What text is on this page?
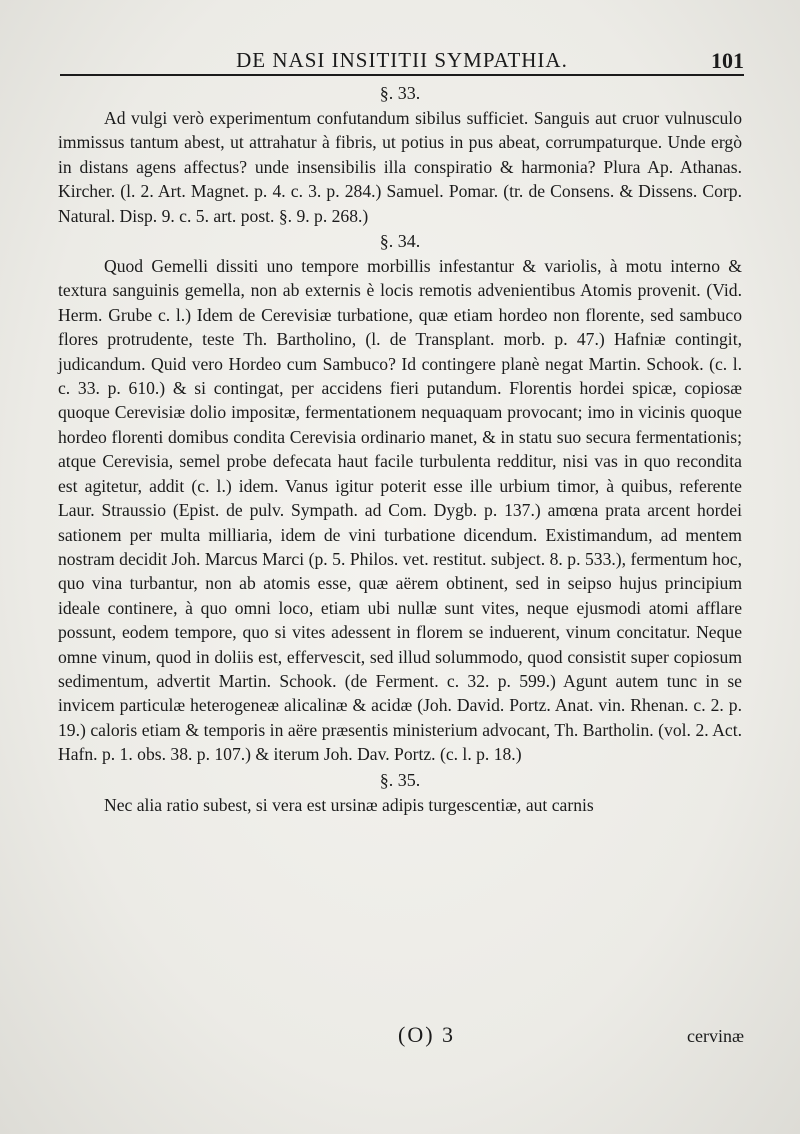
DE NASI INSITITII SYMPATHIA.	101
§. 33.

Ad vulgi verò experimentum confutandum sibilus sufficiet. Sanguis aut cruor vulnusculo immissus tantum abest, ut attrahatur à fibris, ut potius in pus abeat, corrumpaturque. Unde ergò in distans agens affectus? unde insensibilis illa conspiratio & harmonia? Plura Ap. Athanas. Kircher. (l. 2. Art. Magnet. p. 4. c. 3. p. 284.) Samuel. Pomar. (tr. de Consens. & Dissens. Corp. Natural. Disp. 9. c. 5. art. post. §. 9. p. 268.)

§. 34.

Quod Gemelli dissiti uno tempore morbillis infestantur & variolis, à motu interno & textura sanguinis gemella, non ab externis è locis remotis advenientibus Atomis provenit. (Vid. Herm. Grube c. l.) Idem de Cerevisiæ turbatione, quæ etiam hordeo non florente, sed sambuco flores protrudente, teste Th. Bartholino, (l. de Transplant. morb. p. 47.) Hafniæ contingit, judicandum. Quid vero Hordeo cum Sambuco? Id contingere planè negat Martin. Schook. (c. l. c. 33. p. 610.) & si contingat, per accidens fieri putandum. Florentis hordei spicæ, copiosæ quoque Cerevisiæ dolio impositæ, fermentationem nequaquam provocant; imo in vicinis quoque hordeo florenti domibus condita Cerevisia ordinario manet, & in statu suo secura fermentationis; atque Cerevisia, semel probe defecata haut facile turbulenta redditur, nisi vas in quo recondita est agitetur, addit (c. l.) idem. Vanus igitur poterit esse ille urbium timor, à quibus, referente Laur. Straussio (Epist. de pulv. Sympath. ad Com. Dygb. p. 137.) amœna prata arcent hordei sationem per multa milliaria, idem de vini turbatione dicendum. Existimandum, ad mentem nostram decidit Joh. Marcus Marci (p. 5. Philos. vet. restitut. subject. 8. p. 533.), fermentum hoc, quo vina turbantur, non ab atomis esse, quæ aërem obtinent, sed in seipso hujus principium ideale continere, à quo omni loco, etiam ubi nullæ sunt vites, neque ejusmodi atomi afflare possunt, eodem tempore, quo si vites adessent in florem se induerent, vinum concitatur. Neque omne vinum, quod in doliis est, effervescit, sed illud solummodo, quod consistit super copiosum sedimentum, advertit Martin. Schook. (de Ferment. c. 32. p. 599.) Agunt autem tunc in se invicem particulæ heterogeneæ alicalinæ & acidæ (Joh. David. Portz. Anat. vin. Rhenan. c. 2. p. 19.) caloris etiam & temporis in aëre præsentis ministerium advocant, Th. Bartholin. (vol. 2. Act. Hafn. p. 1. obs. 38. p. 107.) & iterum Joh. Dav. Portz. (c. l. p. 18.)

§. 35.

Nec alia ratio subest, si vera est ursinæ adipis turgescentiæ, aut carnis

(O) 3	cervinæ
